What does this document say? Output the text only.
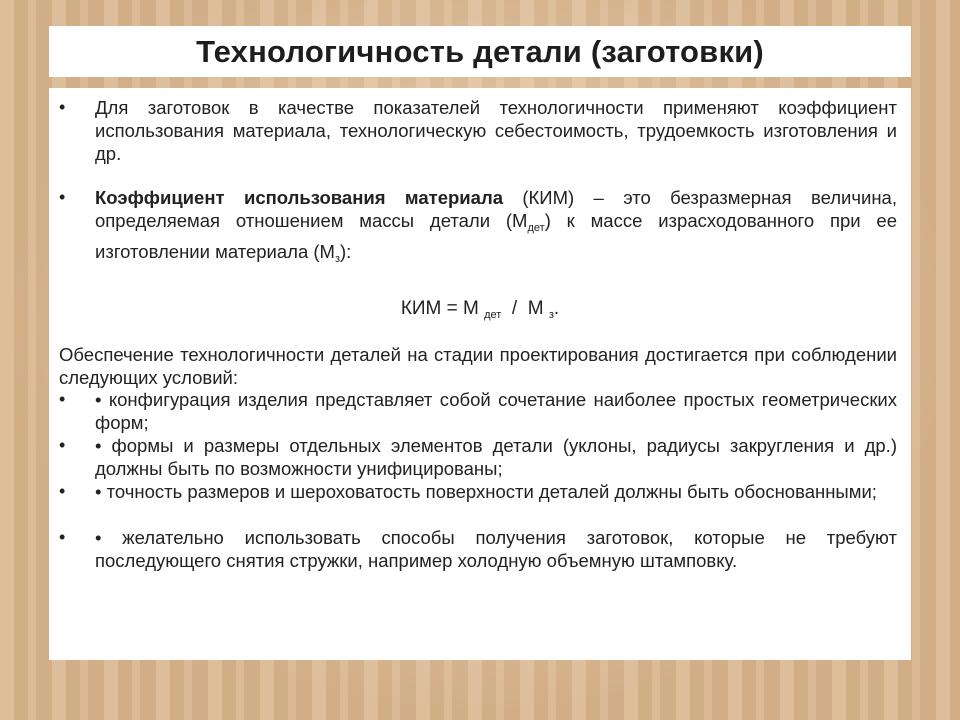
Технологичность детали (заготовки)
•	Для заготовок в качестве показателей технологичности применяют коэффициент использования материала, технологическую себестоимость, трудоемкость изготовления и др.
•	Коэффициент использования материала (КИМ) – это безразмерная величина, определяемая отношением массы детали $(М_{дет})$ к массе израсходованного при ее изготовлении материала $(М_з)$:
КИМ = М $_{дет}$  /  М $_з$.
Обеспечение технологичности деталей на стадии проектирования достигается при соблюдении следующих условий:
•	• конфигурация изделия представляет собой сочетание наиболее простых геометрических форм;
•	• формы и размеры отдельных элементов детали (уклоны, радиусы закругления и др.) должны быть по возможности унифицированы;
•	• точность размеров и шероховатость поверхности деталей должны быть обоснованными;
•	• желательно использовать способы получения заготовок, которые не требуют последующего снятия стружки, например холодную объемную штамповку.
